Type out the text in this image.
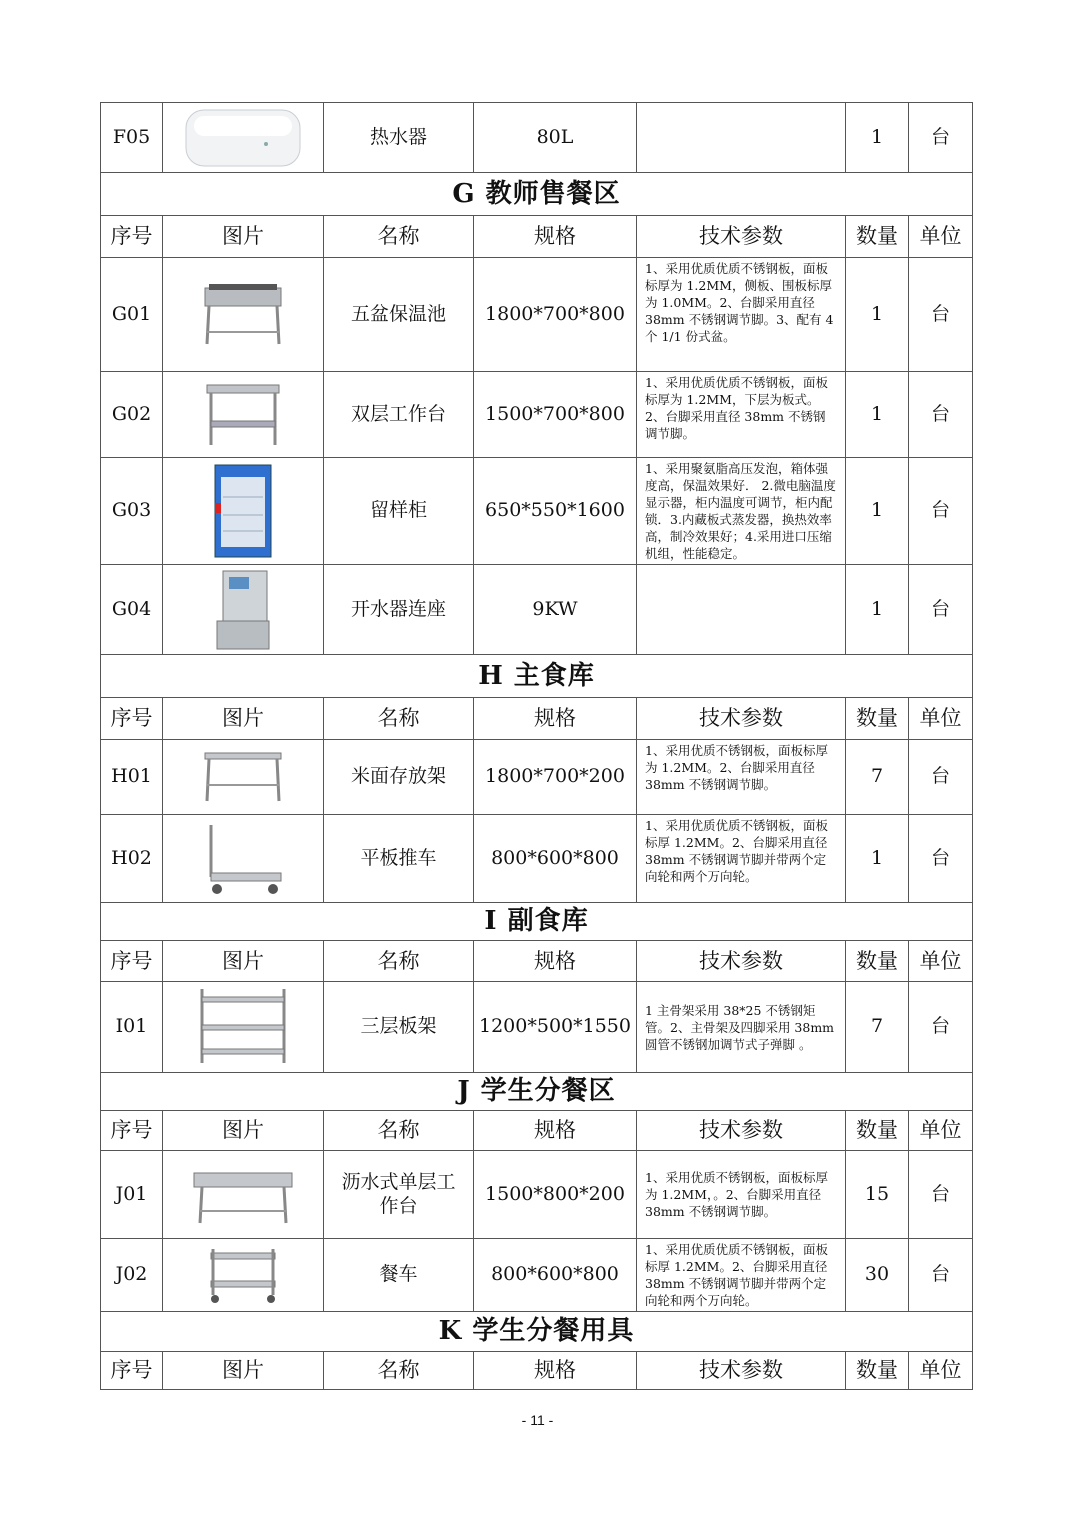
F05		热水器	80L		1	台
G 教师售餐区						
序号	图片	名称	规格	技术参数	数量	单位
G01		五盆保温池	1800*700*800	1、采用优质优质不锈钢板，面板标厚为 1.2MM，侧板、围板标厚为 1.0MM。2、台脚采用直径 38mm 不锈钢调节脚。3、配有 4 个 1/1 份式盆。	1	台
G02		双层工作台	1500*700*800	1、采用优质优质不锈钢板，面板标厚为 1.2MM，下层为板式。2、台脚采用直径 38mm 不锈钢调节脚。	1	台
G03		留样柜	650*550*1600	1、采用聚氨脂高压发泡，箱体强度高，保温效果好． 2.微电脑温度显示器，柜内温度可调节，柜内配锁．3.内藏板式蒸发器，换热效率高，制冷效果好；4.采用进口压缩机组，性能稳定。	1	台
G04		开水器连座	9KW		1	台
H 主食库						
序号	图片	名称	规格	技术参数	数量	单位
H01		米面存放架	1800*700*200	1、采用优质不锈钢板，面板标厚为 1.2MM。2、台脚采用直径 38mm 不锈钢调节脚。	7	台
H02		平板推车	800*600*800	1、采用优质优质不锈钢板，面板标厚 1.2MM。2、台脚采用直径 38mm 不锈钢调节脚并带两个定向轮和两个万向轮。	1	台
I 副食库						
序号	图片	名称	规格	技术参数	数量	单位
I01		三层板架	1200*500*1550	1 主骨架采用 38*25 不锈钢矩管。2、主骨架及四脚采用 38mm 圆管不锈钢加调节式子弹脚 。	7	台
J 学生分餐区						
序号	图片	名称	规格	技术参数	数量	单位
J01		沥水式单层工作台	1500*800*200	1、采用优质不锈钢板，面板标厚为 1.2MM，。2、台脚采用直径 38mm 不锈钢调节脚。	15	台
J02		餐车	800*600*800	1、采用优质优质不锈钢板，面板标厚 1.2MM。2、台脚采用直径 38mm 不锈钢调节脚并带两个定向轮和两个万向轮。	30	台
K 学生分餐用具						
序号	图片	名称	规格	技术参数	数量	单位
- 11 -
